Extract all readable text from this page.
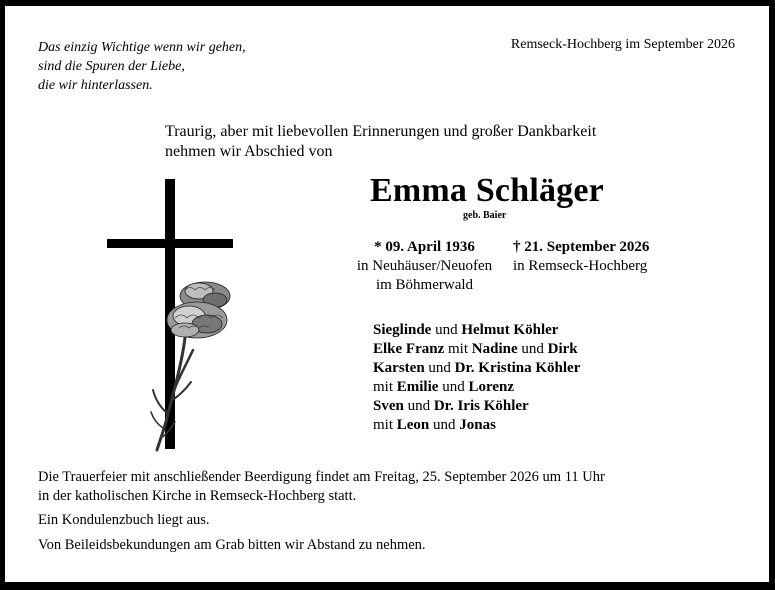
Das einzig Wichtige wenn wir gehen,
sind die Spuren der Liebe,
die wir hinterlassen.
Remseck-Hochberg im September 2026
Traurig, aber mit liebevollen Erinnerungen und großer Dankbarkeit
nehmen wir Abschied von
Emma Schläger
geb. Baier
* 09. April 1936
in Neuhäuser/Neuofen
im Böhmerwald
† 21. September 2026
in Remseck-Hochberg
Sieglinde und Helmut Köhler
Elke Franz mit Nadine und Dirk
Karsten und Dr. Kristina Köhler
mit Emilie und Lorenz
Sven und Dr. Iris Köhler
mit Leon und Jonas
Die Trauerfeier mit anschließender Beerdigung findet am Freitag, 25. September 2026 um 11 Uhr
in der katholischen Kirche in Remseck-Hochberg statt.
Ein Kondulenzbuch liegt aus.
Von Beileidsbekundungen am Grab bitten wir Abstand zu nehmen.
